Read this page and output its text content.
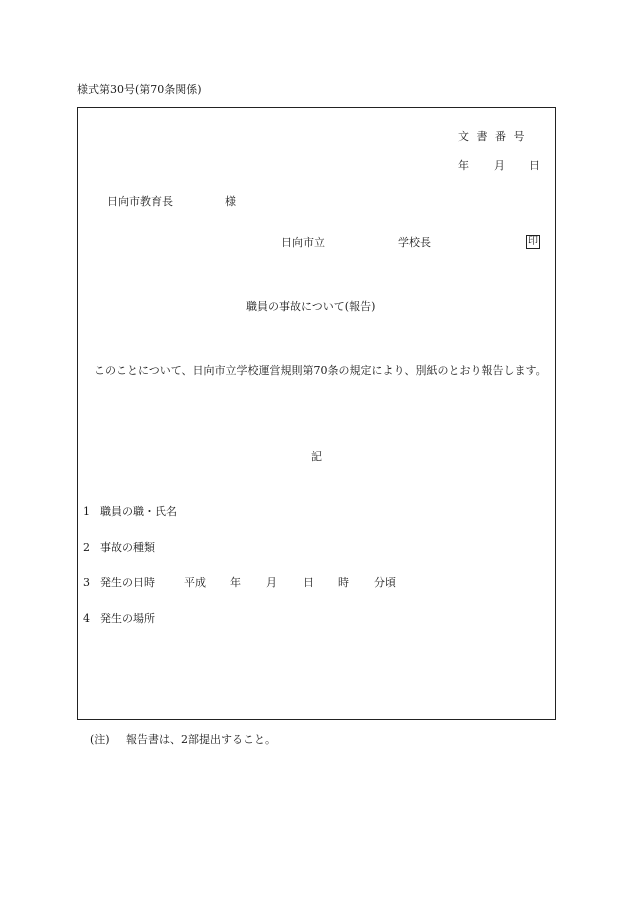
様式第30号(第70条関係)
文 書 番 号
年 月 日
日向市教育長	様
日向市立	学校長	印
職員の事故について(報告)
このことについて、日向市立学校運営規則第70条の規定により、別紙のとおり報告します。
記
1 職員の職・氏名
2 事故の種類
3 発生の日時	平成 年 月 日 時 分頃
4 発生の場所
(注) 報告書は、2部提出すること。
